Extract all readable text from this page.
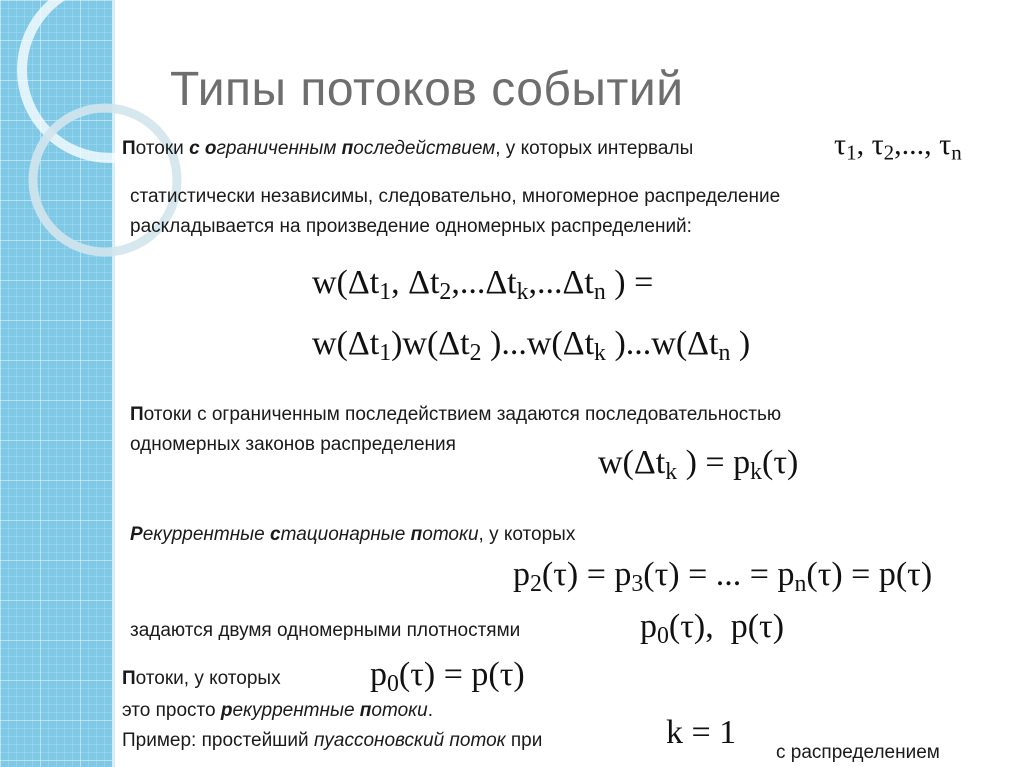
Типы потоков событий
Потоки с ограниченным последействием, у которых интервалы	$\tau_1$, $\tau_2$,..., $\tau_n$
статистически независимы, следовательно, многомерное распределение
раскладывается на произведение одномерных распределений:
$w(\Delta t_1$, $\Delta t_2,...\Delta t_k,...\Delta t_n$ ) =
$w(\Delta t_1)w(\Delta t_2$ )$...w(\Delta t_k$ )$...w(\Delta t_n$ )
Потоки с ограниченным последействием задаются последовательностью
одномерных законов распределения	$w(\Delta t_k$ ) = $p_k(\tau)$
Рекуррентные стационарные потоки, у которых
$p_2(\tau) = p_3(\tau)$ = ... = $p_n(\tau) = p(\tau)$
задаются двумя одномерными плотностями	$p_0(\tau)$,  p(τ)
Потоки, у которых	$p_0(\tau) = p(\tau)$
это просто рекуррентные потоки.
Пример: простейший пуассоновский поток при	k = 1
с распределением
